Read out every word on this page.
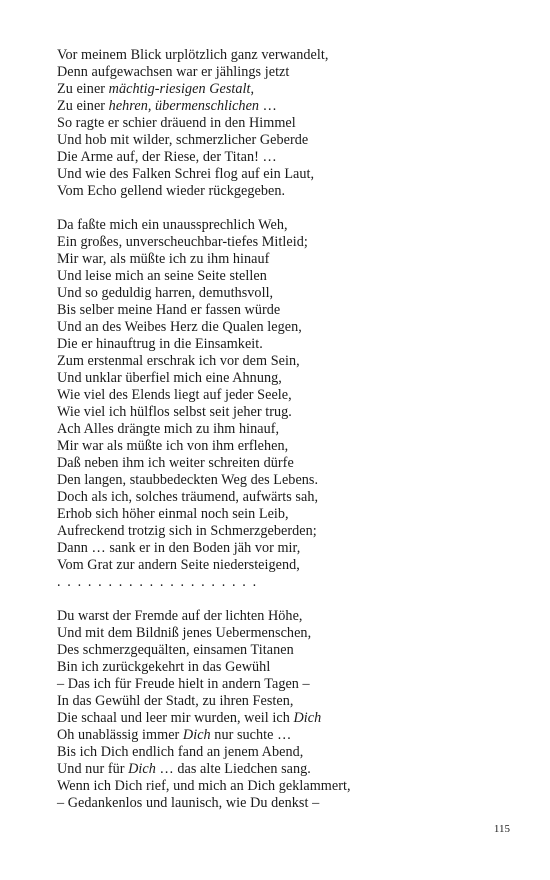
Vor meinem Blick urplötzlich ganz verwandelt,
Denn aufgewachsen war er jählings jetzt
Zu einer mächtig-riesigen Gestalt,
Zu einer hehren, übermenschlichen …
So ragte er schier dräuend in den Himmel
Und hob mit wilder, schmerzlicher Geberde
Die Arme auf, der Riese, der Titan! …
Und wie des Falken Schrei flog auf ein Laut,
Vom Echo gellend wieder rückgegeben.
Da faßte mich ein unaussprechlich Weh,
Ein großes, unverscheuchbar-tiefes Mitleid;
Mir war, als müßte ich zu ihm hinauf
Und leise mich an seine Seite stellen
Und so geduldig harren, demuthsvoll,
Bis selber meine Hand er fassen würde
Und an des Weibes Herz die Qualen legen,
Die er hinauftrug in die Einsamkeit.
Zum erstenmal erschrak ich vor dem Sein,
Und unklar überfiel mich eine Ahnung,
Wie viel des Elends liegt auf jeder Seele,
Wie viel ich hülflos selbst seit jeher trug.
Ach Alles drängte mich zu ihm hinauf,
Mir war als müßte ich von ihm erflehen,
Daß neben ihm ich weiter schreiten dürfe
Den langen, staubbedeckten Weg des Lebens.
Doch als ich, solches träumend, aufwärts sah,
Erhob sich höher einmal noch sein Leib,
Aufreckend trotzig sich in Schmerzgeberden;
Dann … sank er in den Boden jäh vor mir,
Vom Grat zur andern Seite niedersteigend,
. . . . . . . . . . . . . . . . . . . .
Du warst der Fremde auf der lichten Höhe,
Und mit dem Bildniß jenes Uebermenschen,
Des schmerzgequälten, einsamen Titanen
Bin ich zurückgekehrt in das Gewühl
– Das ich für Freude hielt in andern Tagen –
In das Gewühl der Stadt, zu ihren Festen,
Die schaal und leer mir wurden, weil ich Dich
Oh unablässig immer Dich nur suchte …
Bis ich Dich endlich fand an jenem Abend,
Und nur für Dich … das alte Liedchen sang.
Wenn ich Dich rief, und mich an Dich geklammert,
– Gedankenlos und launisch, wie Du denkst –
115
